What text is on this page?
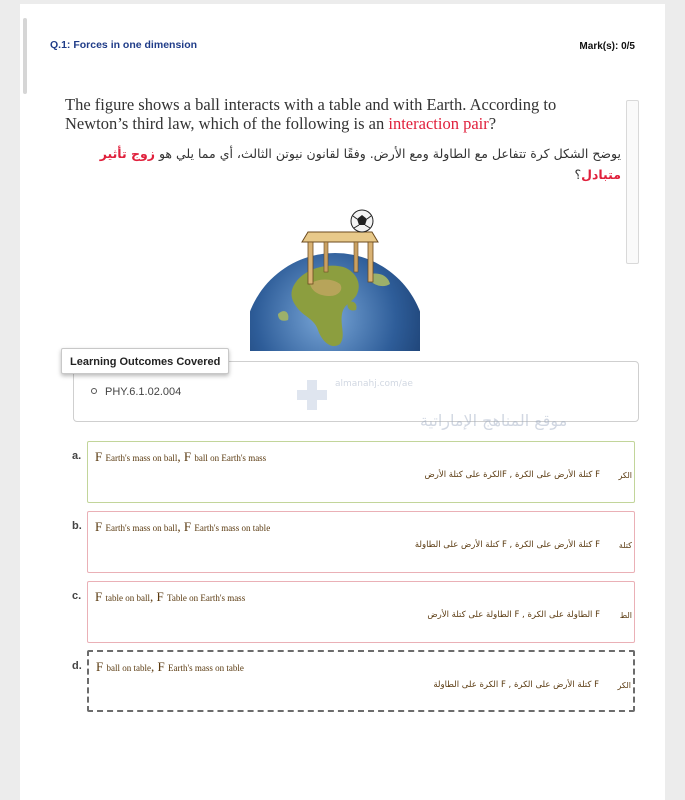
Q.1: Forces in one dimension	Mark(s): 0/5
The figure shows a ball interacts with a table and with Earth. According to Newton’s third law, which of the following is an interaction pair?
يوضح الشكل كرة تتفاعل مع الطاولة ومع الأرض. وفقًا لقانون نيوتن الثالث، أي مما يلي هو زوج تأثير متبادل؟
Learning Outcomes Covered
PHY.6.1.02.004
almanahj.com/ae
موقع المناهج الإماراتية
a. F Earth's mass on ball, F ball on Earth's mass
F كتلة الأرض على الكرة , Fالكرة على كتلة الأرض الكر
b. F Earth's mass on ball, F Earth's mass on table
F كتلة الأرض على الكرة , F كتلة الأرض على الطاولة كتلة
c. F table on ball, F Table on Earth's mass
F الطاولة على الكرة , F الطاولة على كتلة الأرض الط
d. F ball on table, F Earth's mass on table
F كتلة الأرض على الكرة , F الكرة على الطاولة الكر
